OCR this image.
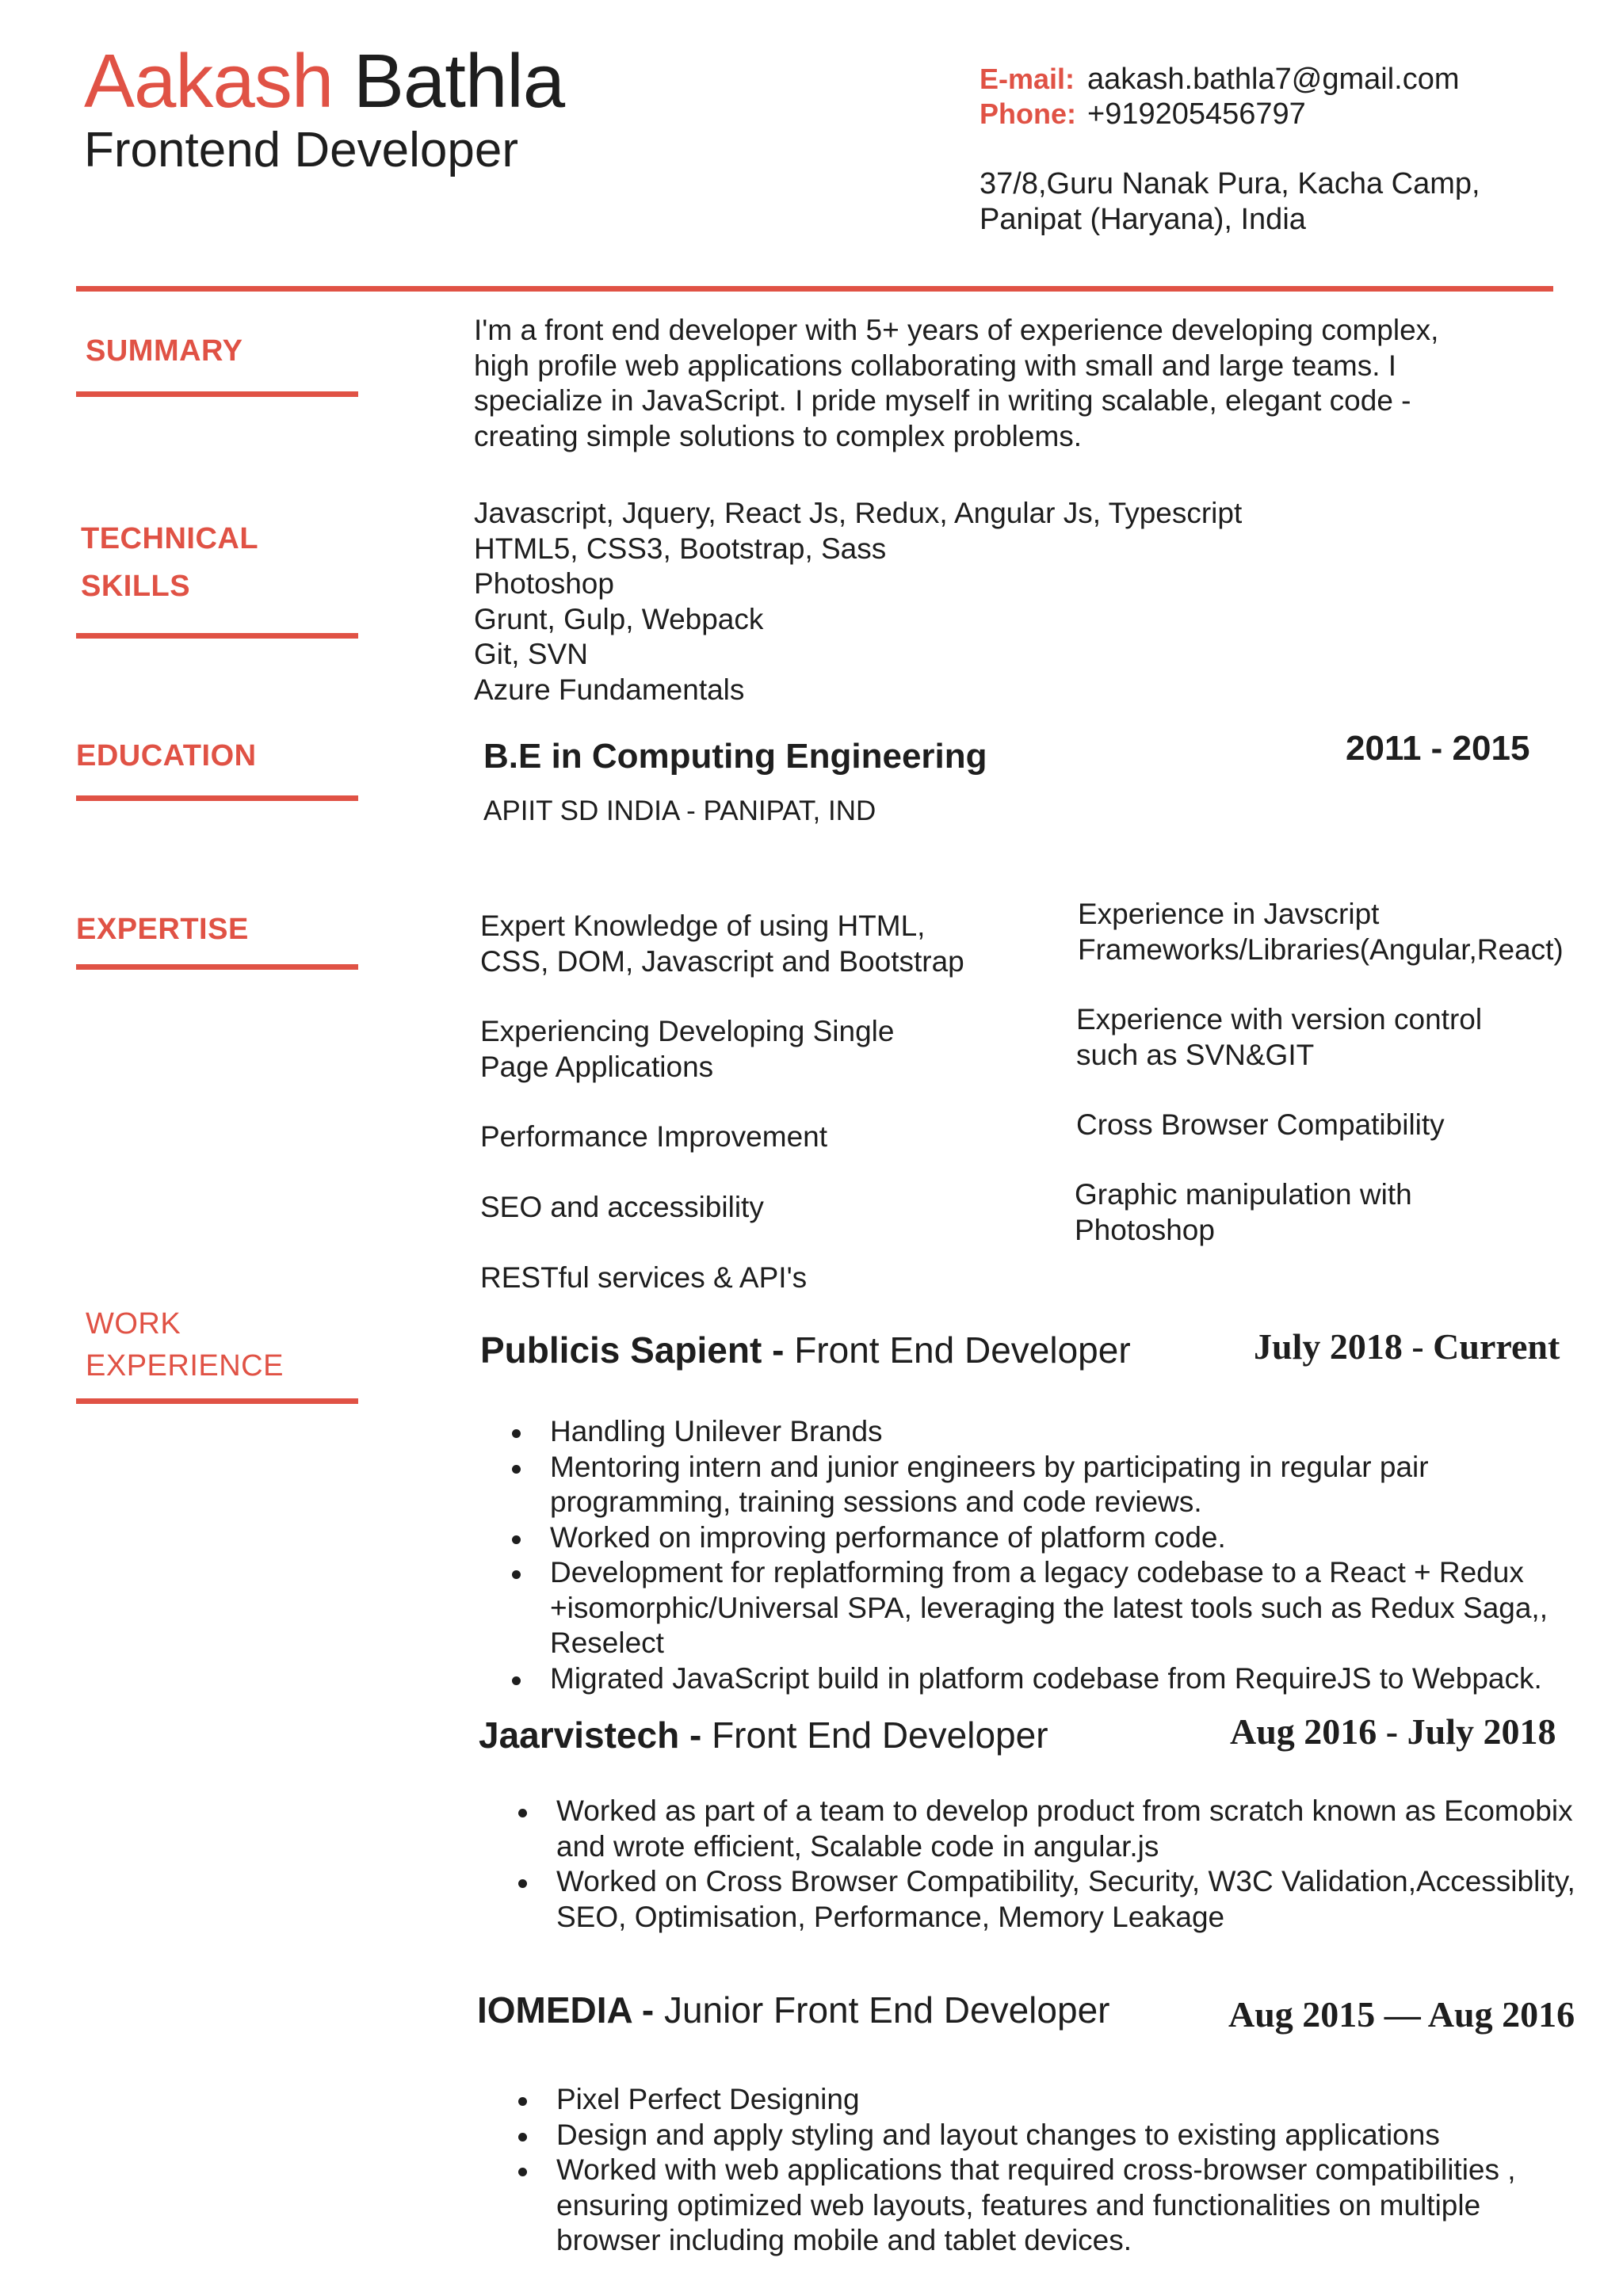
Aakash Bathla
Frontend Developer
E-mail: aakash.bathla7@gmail.com
Phone: +919205456797
37/8,Guru Nanak Pura, Kacha Camp,
Panipat (Haryana), India
SUMMARY
TECHNICAL
SKILLS
EDUCATION
EXPERTISE
WORK
EXPERIENCE
I'm a front end developer with 5+ years of experience developing complex,
high profile web applications collaborating with small and large teams. I
specialize in JavaScript. I pride myself in writing scalable, elegant code -
creating simple solutions to complex problems.
Javascript, Jquery, React Js, Redux, Angular Js, Typescript
HTML5, CSS3, Bootstrap, Sass
Photoshop
Grunt, Gulp, Webpack
Git, SVN
Azure Fundamentals
B.E in Computing Engineering	2011 - 2015
APIIT SD INDIA - PANIPAT, IND
Expert Knowledge of using HTML,
CSS, DOM, Javascript and Bootstrap
Experiencing Developing Single
Page Applications
Performance Improvement
SEO and accessibility
RESTful services & API's
Experience in Javscript
Frameworks/Libraries(Angular,React)
Experience with version control
such as SVN&GIT
Cross Browser Compatibility
Graphic manipulation with
Photoshop
Publicis Sapient - Front End Developer	July 2018 - Current
Handling Unilever Brands
Mentoring intern and junior engineers by participating in regular pair
programming, training sessions and code reviews.
Worked on improving performance of platform code.
Development for replatforming from a legacy codebase to a React + Redux
+isomorphic/Universal SPA, leveraging the latest tools such as Redux Saga,,
Reselect
Migrated JavaScript build in platform codebase from RequireJS to Webpack.
Jaarvistech - Front End Developer	Aug 2016 - July 2018
Worked as part of a team to develop product from scratch known as Ecomobix
and wrote efficient, Scalable code in angular.js
Worked on Cross Browser Compatibility, Security, W3C Validation,Accessiblity,
SEO, Optimisation, Performance, Memory Leakage
IOMEDIA - Junior Front End Developer	Aug 2015 — Aug 2016
Pixel Perfect Designing
Design and apply styling and layout changes to existing applications
Worked with web applications that required cross-browser compatibilities ,
ensuring optimized web layouts, features and functionalities on multiple
browser including mobile and tablet devices.
